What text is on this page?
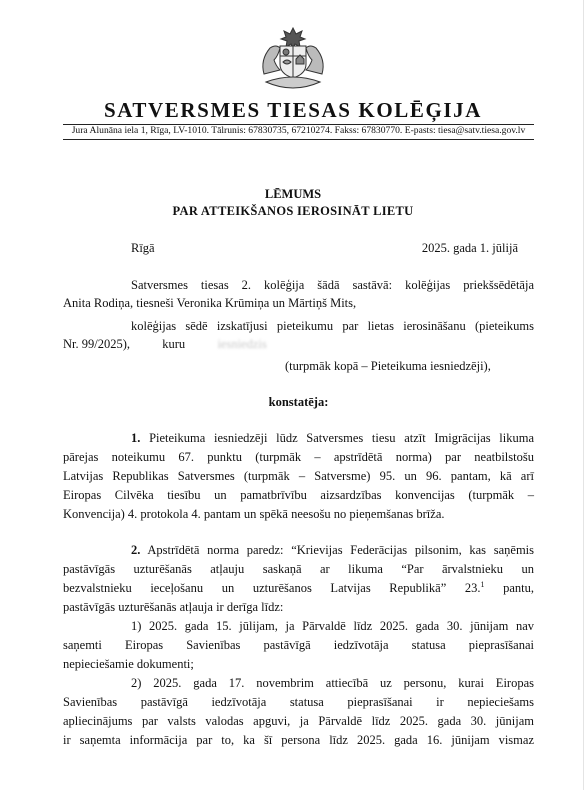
SATVERSMES TIESAS KOLĒĢIJA
Jura Alunāna iela 1, Rīga, LV-1010. Tālrunis: 67830735, 67210274. Fakss: 67830770. E-pasts: tiesa@satv.tiesa.gov.lv
LĒMUMS
PAR ATTEIKŠANOS IEROSINĀT LIETU
Rīgā	2025. gada 1. jūlijā
Satversmes tiesas 2. kolēģija šādā sastāvā: kolēģijas priekšsēdētāja
Anita Rodiņa, tiesneši Veronika Krūmiņa un Mārtiņš Mits,
kolēģijas sēdē izskatījusi pieteikumu par lietas ierosināšanu (pieteikums
Nr. 99/2025),	kuru	iesniedzis
(turpmāk kopā – Pieteikuma iesniedzēji),
konstatēja:
1. Pieteikuma iesniedzēji lūdz Satversmes tiesu atzīt Imigrācijas likuma
pārejas noteikumu 67. punktu (turpmāk – apstrīdētā norma) par neatbilstošu
Latvijas Republikas Satversmes (turpmāk – Satversme) 95. un 96. pantam, kā arī
Eiropas Cilvēka tiesību un pamatbrīvību aizsardzības konvencijas (turpmāk –
Konvencija) 4. protokola 4. pantam un spēkā neesošu no pieņemšanas brīža.
2. Apstrīdētā norma paredz: “Krievijas Federācijas pilsonim, kas saņēmis
pastāvīgās uzturēšanās atļauju saskaņā ar likuma “Par ārvalstnieku un
bezvalstnieku ieceļošanu un uzturēšanos Latvijas Republikā” 23.$^1$ pantu,
pastāvīgās uzturēšanās atļauja ir derīga līdz:
1) 2025. gada 15. jūlijam, ja Pārvaldē līdz 2025. gada 30. jūnijam nav
saņemti Eiropas Savienības pastāvīgā iedzīvotāja statusa pieprasīšanai
nepieciešamie dokumenti;
2) 2025. gada 17. novembrim attiecībā uz personu, kurai Eiropas
Savienības pastāvīgā iedzīvotāja statusa pieprasīšanai ir nepieciešams
apliecinājums par valsts valodas apguvi, ja Pārvaldē līdz 2025. gada 30. jūnijam
ir saņemta informācija par to, ka šī persona līdz 2025. gada 16. jūnijam vismaz
